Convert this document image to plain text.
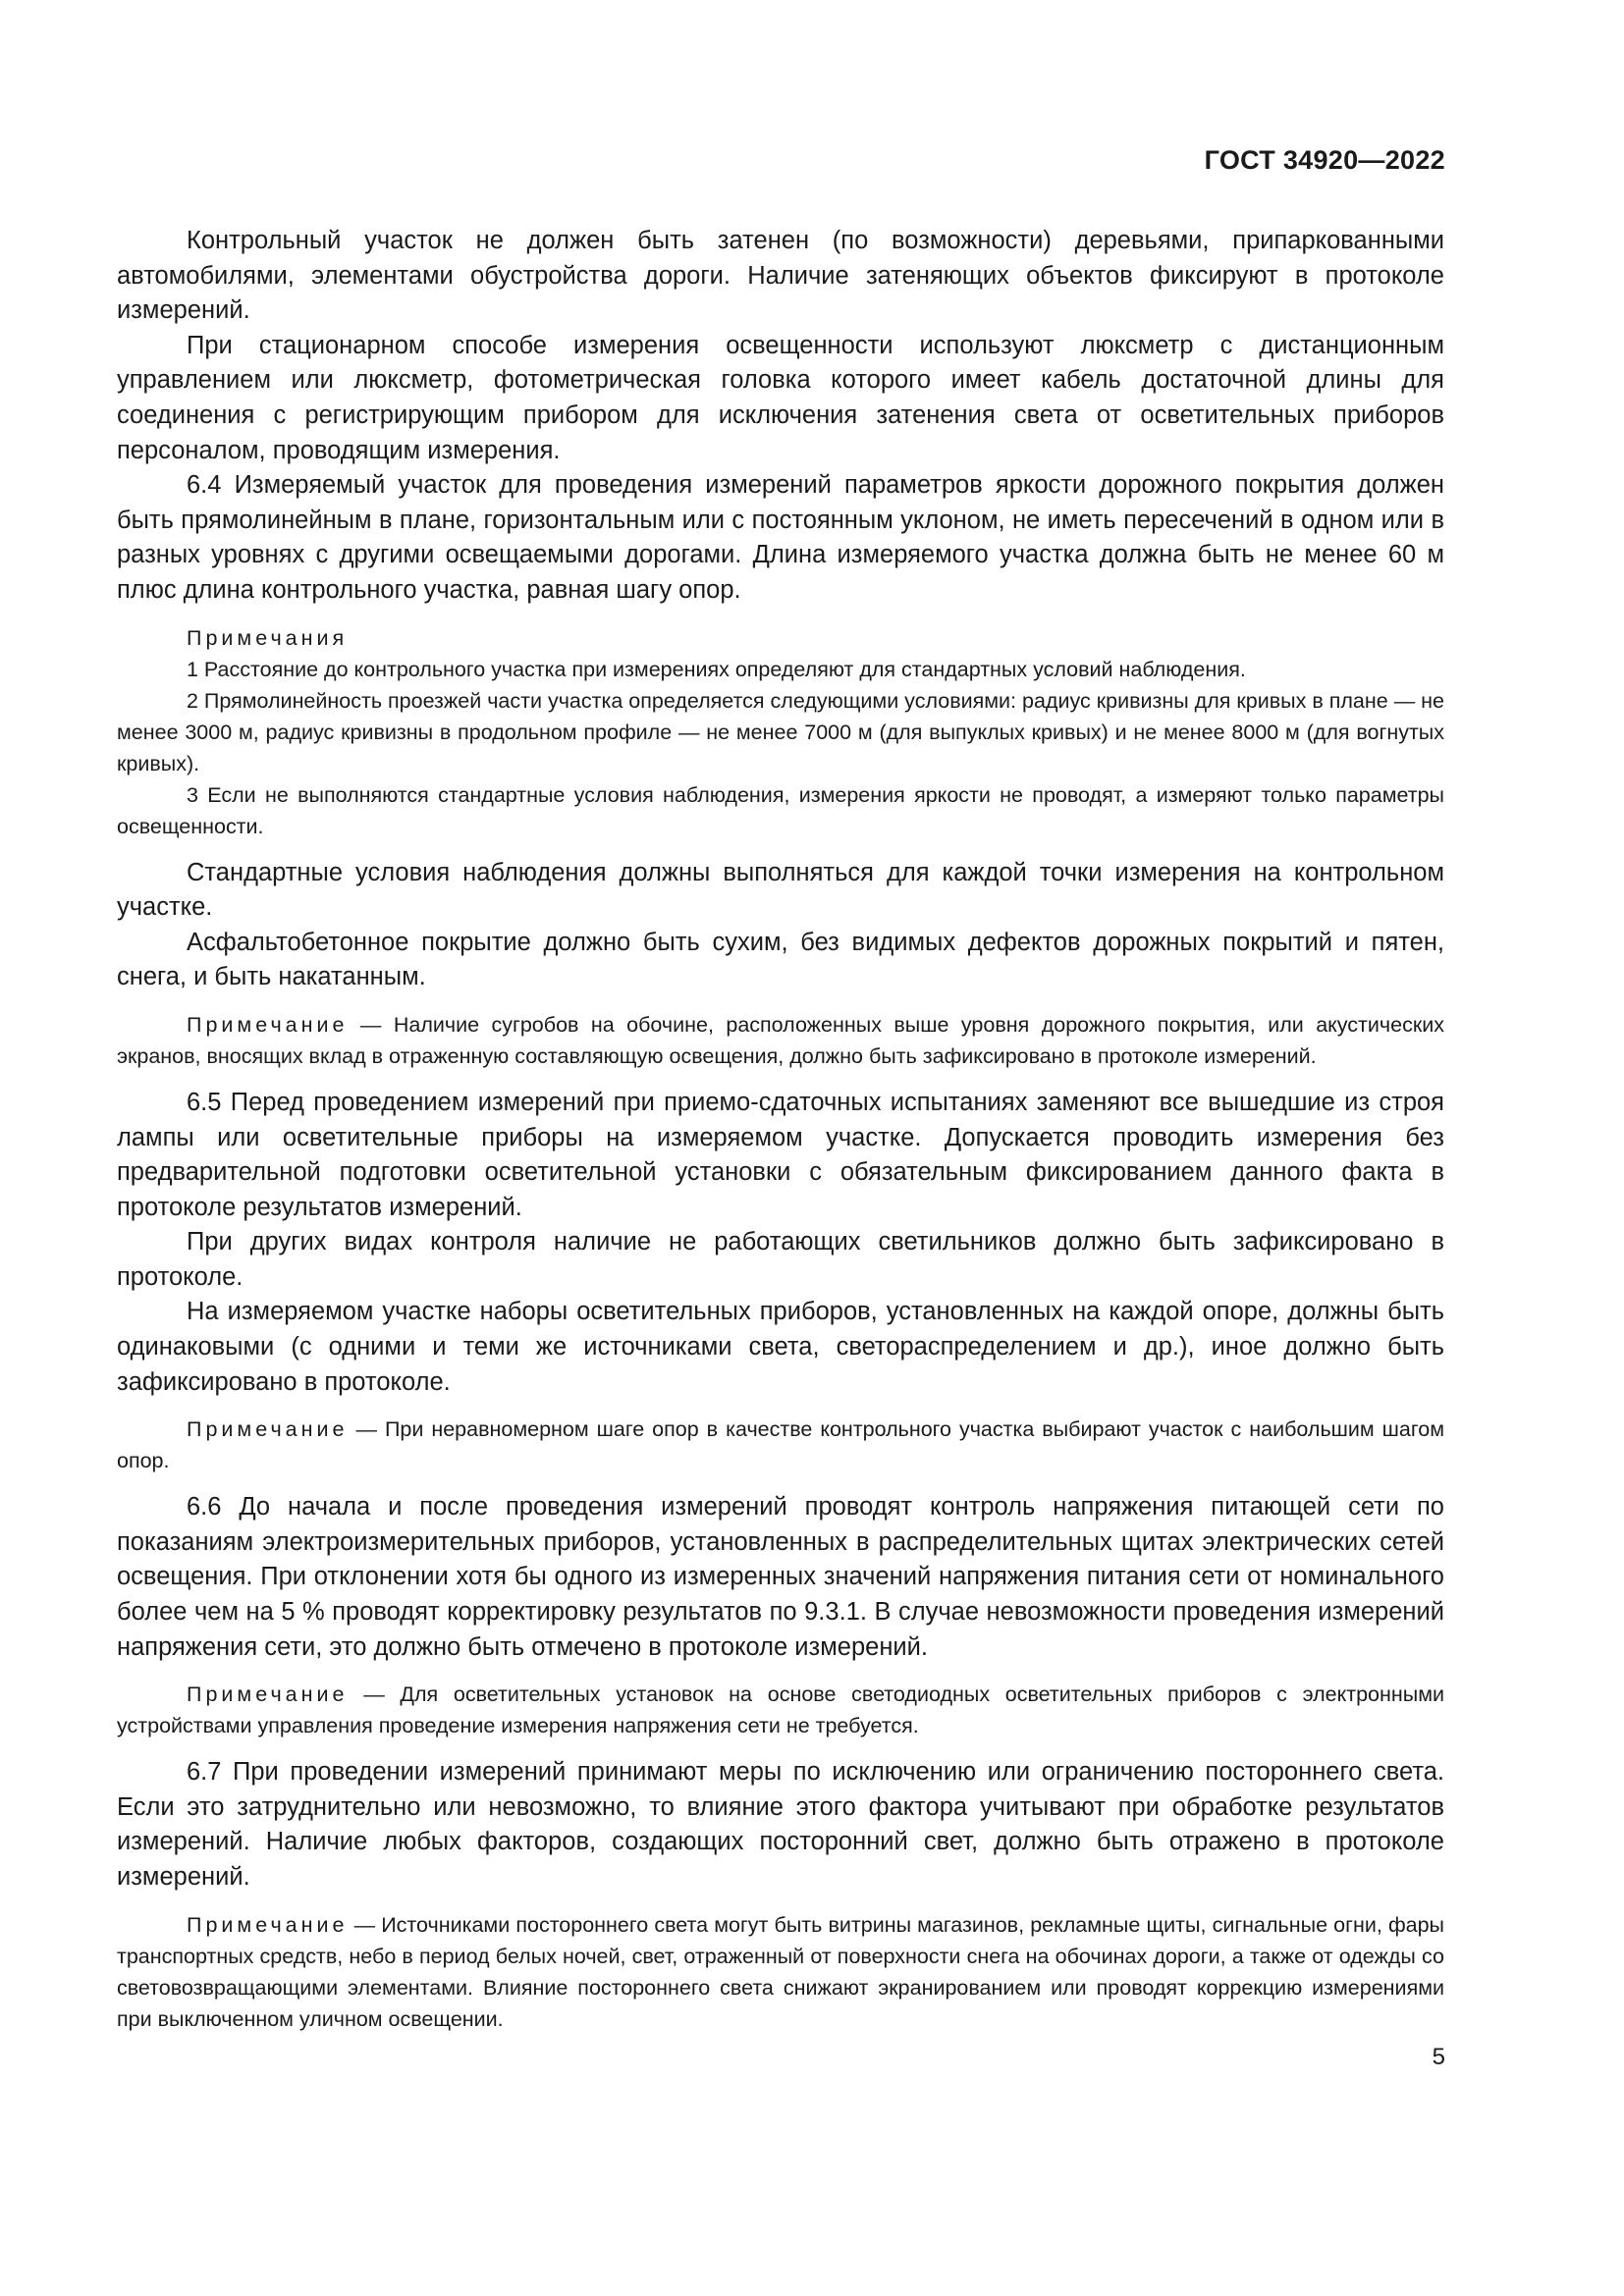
ГОСТ 34920—2022

Контрольный участок не должен быть затенен (по возможности) деревьями, припаркованными автомобилями, элементами обустройства дороги. Наличие затеняющих объектов фиксируют в протоколе измерений.

При стационарном способе измерения освещенности используют люксметр с дистанционным управлением или люксметр, фотометрическая головка которого имеет кабель достаточной длины для соединения с регистрирующим прибором для исключения затенения света от осветительных приборов персоналом, проводящим измерения.

6.4 Измеряемый участок для проведения измерений параметров яркости дорожного покрытия должен быть прямолинейным в плане, горизонтальным или с постоянным уклоном, не иметь пересечений в одном или в разных уровнях с другими освещаемыми дорогами. Длина измеряемого участка должна быть не менее 60 м плюс длина контрольного участка, равная шагу опор.

Примечания

1 Расстояние до контрольного участка при измерениях определяют для стандартных условий наблюдения.

2 Прямолинейность проезжей части участка определяется следующими условиями: радиус кривизны для кривых в плане — не менее 3000 м, радиус кривизны в продольном профиле — не менее 7000 м (для выпуклых кривых) и не менее 8000 м (для вогнутых кривых).

3 Если не выполняются стандартные условия наблюдения, измерения яркости не проводят, а измеряют только параметры освещенности.

Стандартные условия наблюдения должны выполняться для каждой точки измерения на контрольном участке.

Асфальтобетонное покрытие должно быть сухим, без видимых дефектов дорожных покрытий и пятен, снега, и быть накатанным.

Примечание — Наличие сугробов на обочине, расположенных выше уровня дорожного покрытия, или акустических экранов, вносящих вклад в отраженную составляющую освещения, должно быть зафиксировано в протоколе измерений.

6.5 Перед проведением измерений при приемо-сдаточных испытаниях заменяют все вышедшие из строя лампы или осветительные приборы на измеряемом участке. Допускается проводить измерения без предварительной подготовки осветительной установки с обязательным фиксированием данного факта в протоколе результатов измерений.

При других видах контроля наличие не работающих светильников должно быть зафиксировано в протоколе.

На измеряемом участке наборы осветительных приборов, установленных на каждой опоре, должны быть одинаковыми (с одними и теми же источниками света, светораспределением и др.), иное должно быть зафиксировано в протоколе.

Примечание — При неравномерном шаге опор в качестве контрольного участка выбирают участок с наибольшим шагом опор.

6.6 До начала и после проведения измерений проводят контроль напряжения питающей сети по показаниям электроизмерительных приборов, установленных в распределительных щитах электрических сетей освещения. При отклонении хотя бы одного из измеренных значений напряжения питания сети от номинального более чем на 5 % проводят корректировку результатов по 9.3.1. В случае невозможности проведения измерений напряжения сети, это должно быть отмечено в протоколе измерений.

Примечание — Для осветительных установок на основе светодиодных осветительных приборов с электронными устройствами управления проведение измерения напряжения сети не требуется.

6.7 При проведении измерений принимают меры по исключению или ограничению постороннего света. Если это затруднительно или невозможно, то влияние этого фактора учитывают при обработке результатов измерений. Наличие любых факторов, создающих посторонний свет, должно быть отражено в протоколе измерений.

Примечание — Источниками постороннего света могут быть витрины магазинов, рекламные щиты, сигнальные огни, фары транспортных средств, небо в период белых ночей, свет, отраженный от поверхности снега на обочинах дороги, а также от одежды со световозвращающими элементами. Влияние постороннего света снижают экранированием или проводят коррекцию измерениями при выключенном уличном освещении.

5
